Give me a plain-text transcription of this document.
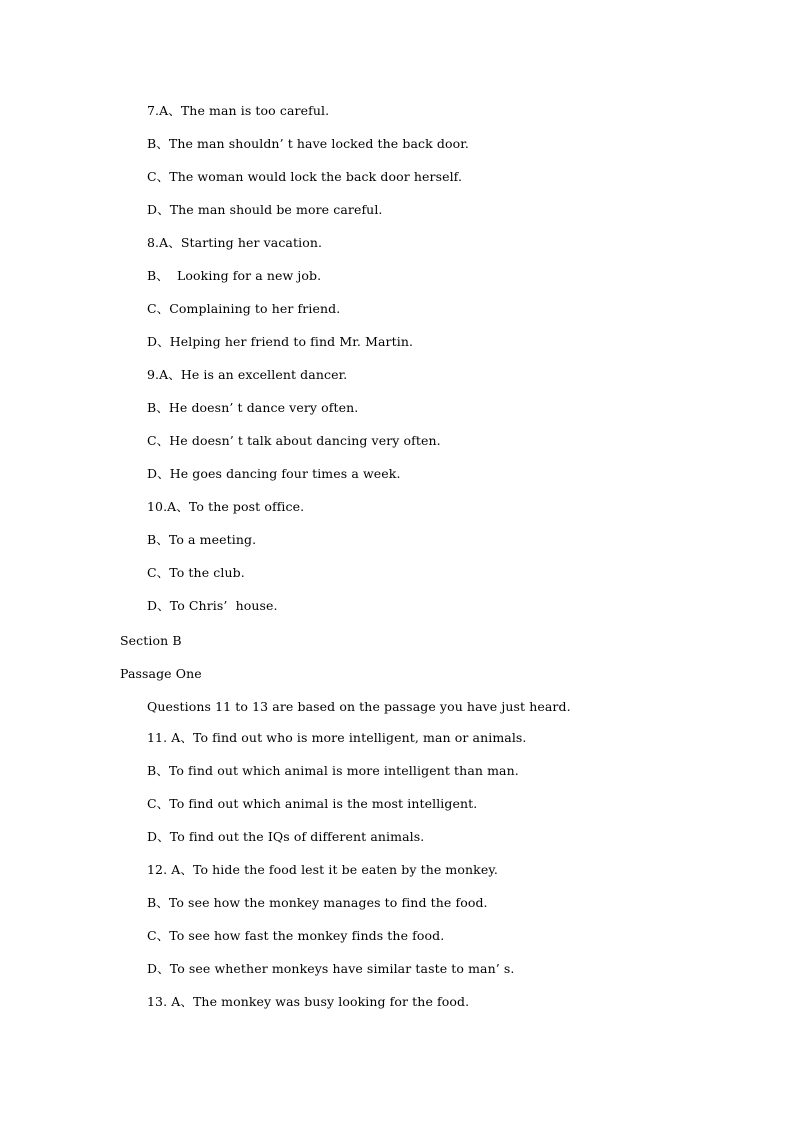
7.A、The man is too careful.
B、The man shouldn’ t have locked the back door.
C、The woman would lock the back door herself.
D、The man should be more careful.
8.A、Starting her vacation.
B、  Looking for a new job.
C、Complaining to her friend.
D、Helping her friend to find Mr. Martin.
9.A、He is an excellent dancer.
B、He doesn’ t dance very often.
C、He doesn’ t talk about dancing very often.
D、He goes dancing four times a week.
10.A、To the post office.
B、To a meeting.
C、To the club.
D、To Chris’  house.
Section B
Passage One
Questions 11 to 13 are based on the passage you have just heard.
11. A、To find out who is more intelligent, man or animals.
B、To find out which animal is more intelligent than man.
C、To find out which animal is the most intelligent.
D、To find out the IQs of different animals.
12. A、To hide the food lest it be eaten by the monkey.
B、To see how the monkey manages to find the food.
C、To see how fast the monkey finds the food.
D、To see whether monkeys have similar taste to man’ s.
13. A、The monkey was busy looking for the food.
